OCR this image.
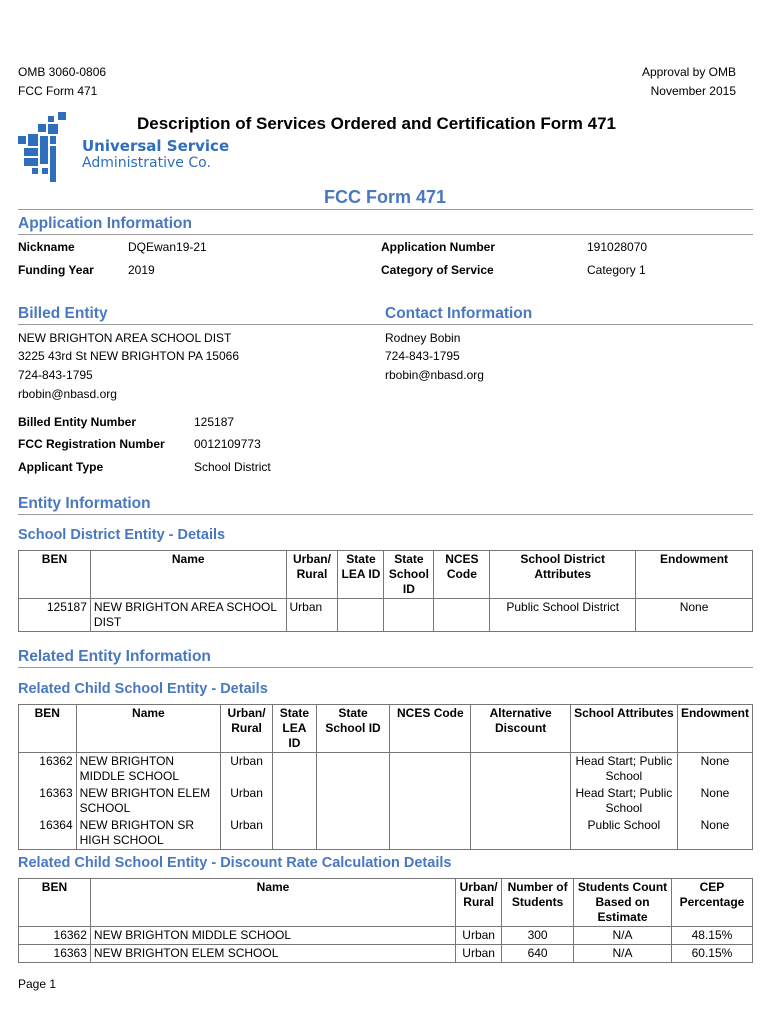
OMB 3060-0806
FCC Form 471
Approval by OMB
November 2015
Universal Service
Administrative Co.
Description of Services Ordered and Certification Form 471
FCC Form 471
Application Information
Nickname	DQEwan19-21
Funding Year	2019
Application Number	191028070
Category of Service	Category 1
Billed Entity	Contact Information
NEW BRIGHTON AREA SCHOOL DIST
3225 43rd St NEW BRIGHTON PA 15066
724-843-1795
rbobin@nbasd.org
Rodney Bobin
724-843-1795
rbobin@nbasd.org
Billed Entity Number	125187
FCC Registration Number 0012109773
Applicant Type	School District
Entity Information
School District Entity - Details
BEN	Name	Urban/ Rural	State LEA ID	State School ID	NCES Code	School District Attributes	Endowment
125187	NEW BRIGHTON AREA SCHOOL DIST	Urban				Public School District	None
Related Entity Information
Related Child School Entity - Details
BEN	Name	Urban/ Rural	State LEA ID	State School ID	NCES Code	Alternative Discount	School Attributes	Endowment
16362	NEW BRIGHTON MIDDLE SCHOOL	Urban					Head Start; Public School	None
16363	NEW BRIGHTON ELEM SCHOOL	Urban					Head Start; Public School	None
16364	NEW BRIGHTON SR HIGH SCHOOL	Urban					Public School	None
Related Child School Entity - Discount Rate Calculation Details
BEN	Name	Urban/ Rural	Number of Students	Students Count Based on Estimate	CEP Percentage
16362	NEW BRIGHTON MIDDLE SCHOOL	Urban	300	N/A	48.15%
16363	NEW BRIGHTON ELEM SCHOOL	Urban	640	N/A	60.15%
Page 1
